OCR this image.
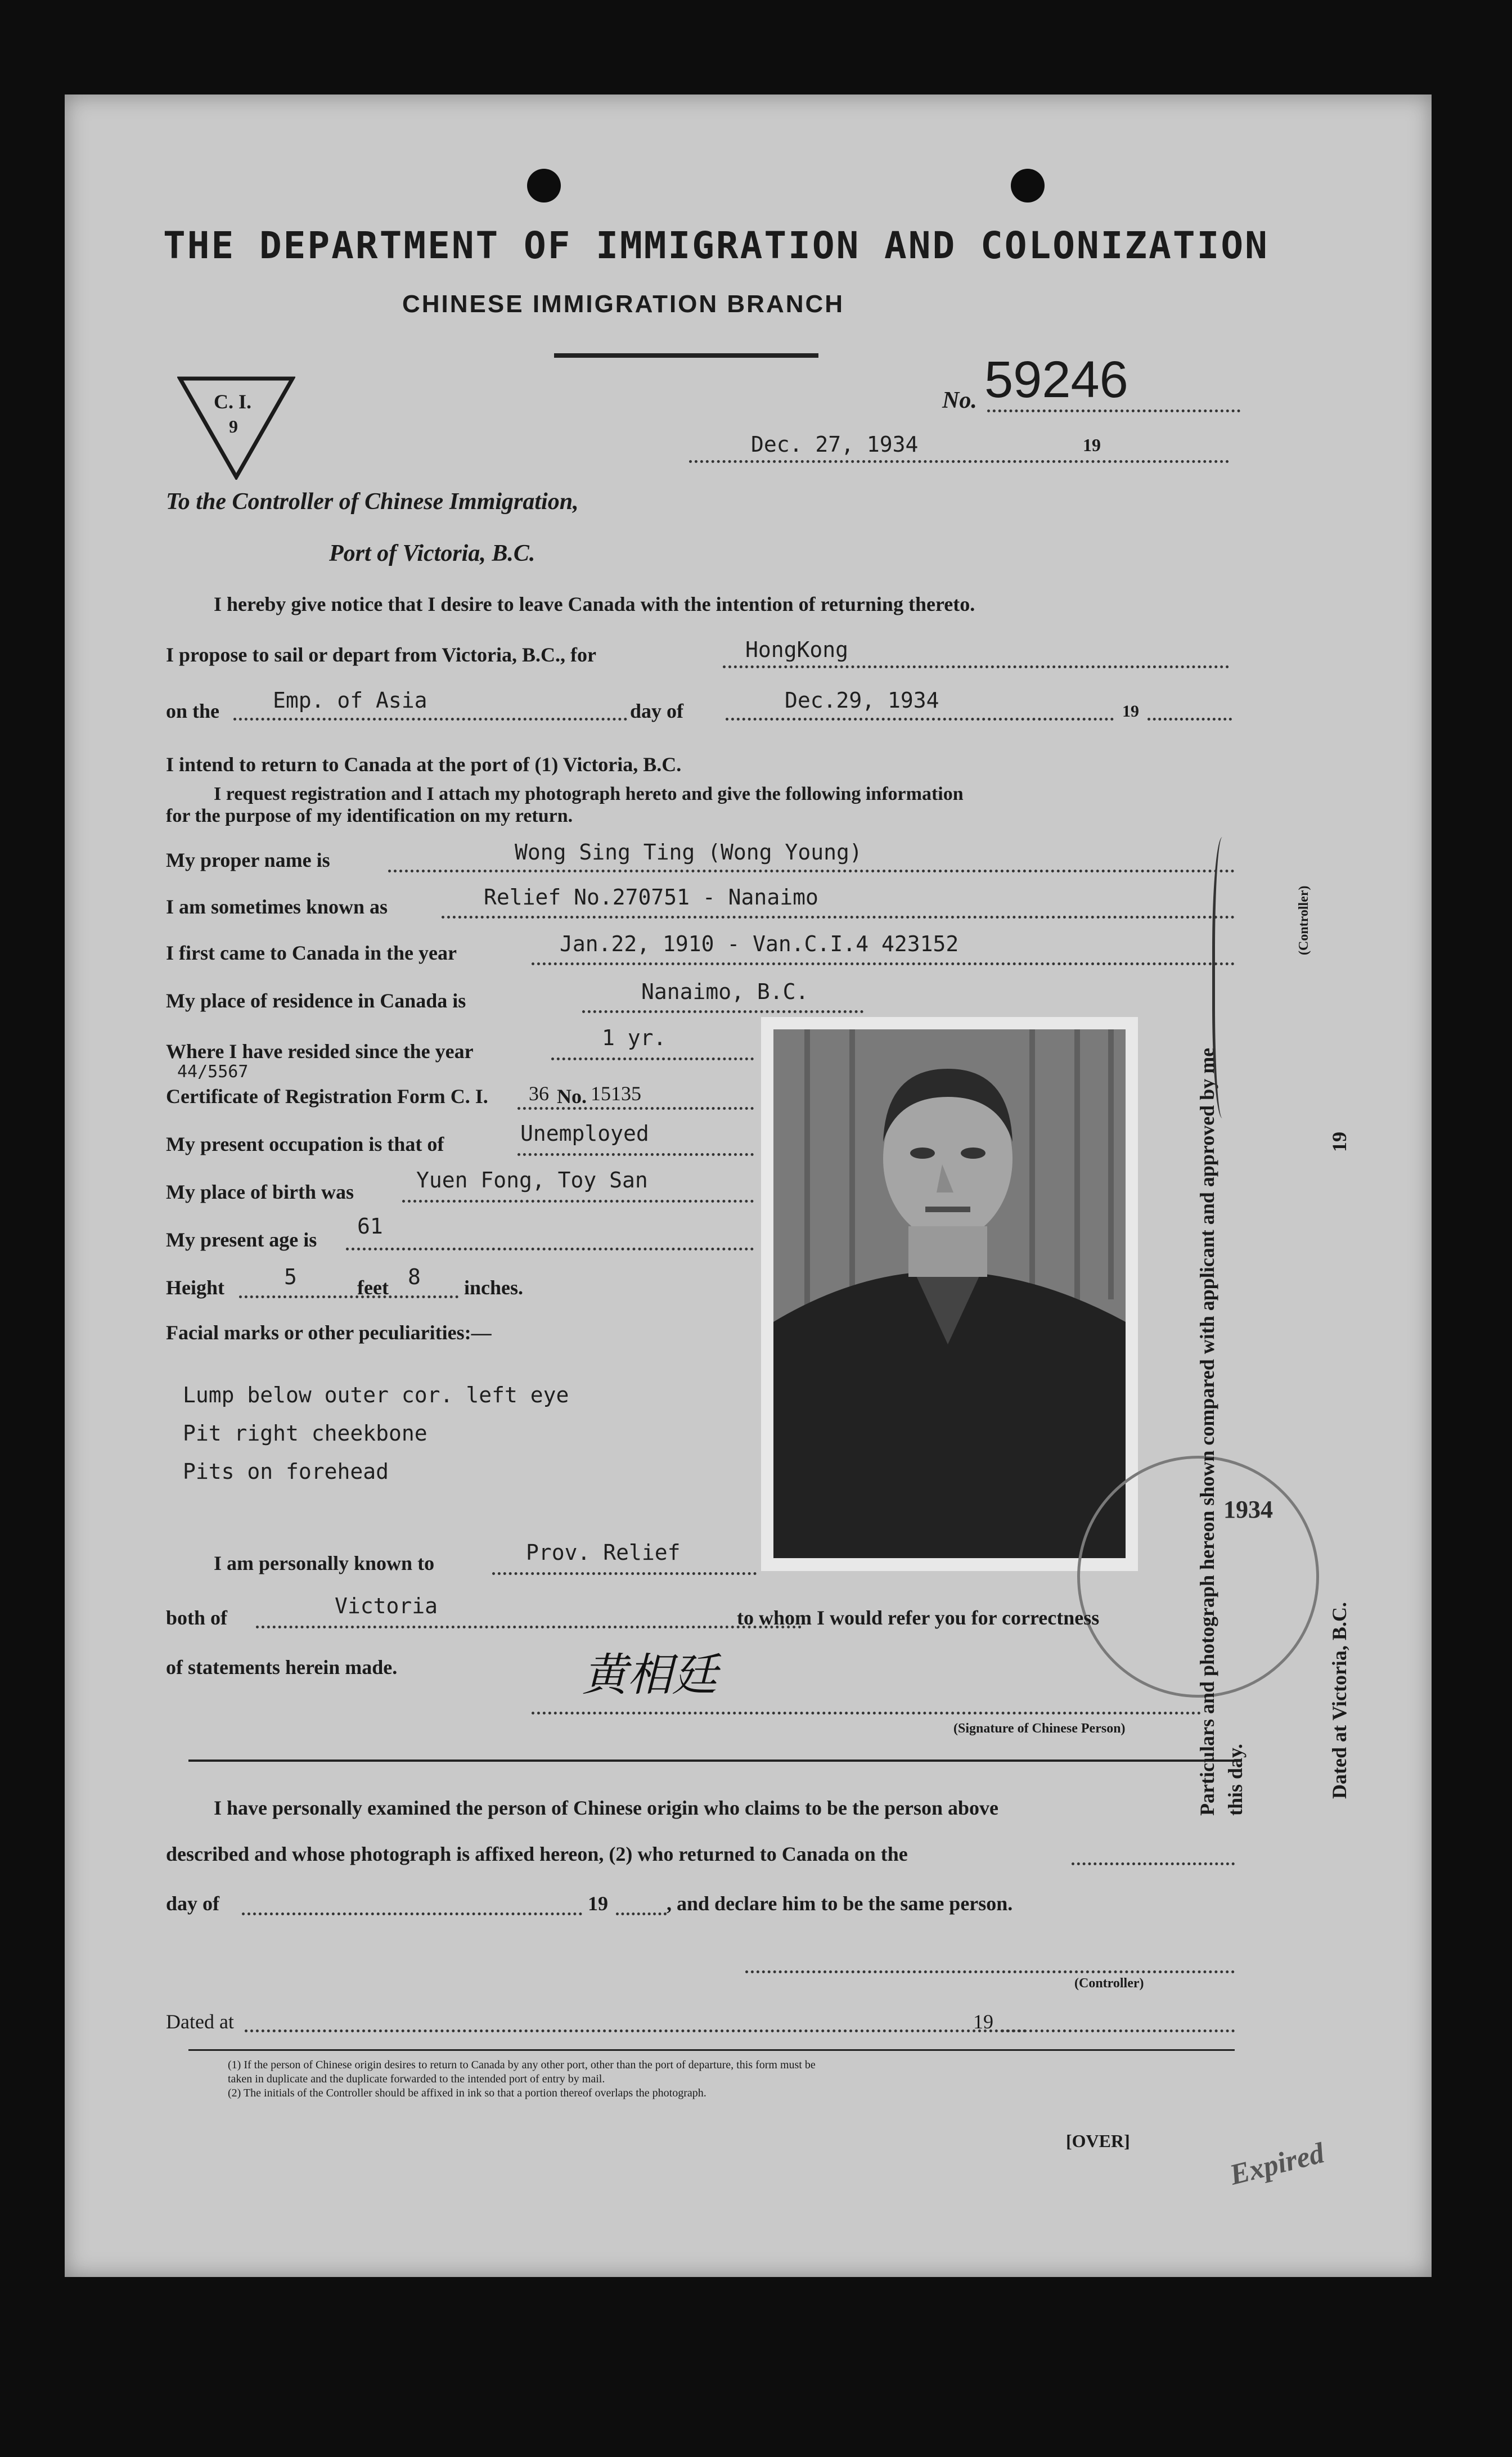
THE DEPARTMENT OF IMMIGRATION AND COLONIZATION
CHINESE IMMIGRATION BRANCH
C. I.
9
No. 59246
Dec. 27, 1934	19
To the Controller of Chinese Immigration,
Port of Victoria, B.C.
I hereby give notice that I desire to leave Canada with the intention of returning thereto.
I propose to sail or depart from Victoria, B.C., for	HongKong
on the Emp. of Asia	day of	Dec.29, 1934	19
I intend to return to Canada at the port of (1) Victoria, B.C.
I request registration and I attach my photograph hereto and give the following information
for the purpose of my identification on my return.
My proper name is	Wong Sing Ting (Wong Young)
I am sometimes known as	Relief No.270751 - Nanaimo
I first came to Canada in the year	Jan.22, 1910 - Van.C.I.4 423152
My place of residence in Canada is	Nanaimo, B.C.
Where I have resided since the year
1 yr.
44/5567
Certificate of Registration Form C. I. 36 No. 15135
My present occupation is that of	Unemployed
My place of birth was	Yuen Fong, Toy San
My present age is
61
Height	5	feet 8 inches.
Facial marks or other peculiarities:—
Lump below outer cor. left eye
Pit right cheekbone
Pits on forehead
1934
I am personally known to	Prov. Relief
both of	Victoria	to whom I would refer you for correctness
of statements herein made.	黄相廷
(Signature of Chinese Person)
I have personally examined the person of Chinese origin who claims to be the person above
described and whose photograph is affixed hereon, (2) who returned to Canada on the
day of	19	, and declare him to be the same person.
(Controller)
Dated at	19
(1) If the person of Chinese origin desires to return to Canada by any other port, other than the port of departure, this form must be
taken in duplicate and the duplicate forwarded to the intended port of entry by mail.
(2) The initials of the Controller should be affixed in ink so that a portion thereof overlaps the photograph.
[OVER]	Expired
Particulars and photograph hereon shown compared with applicant and approved by me this day.
(Controller)
Dated at Victoria, B.C.
19
